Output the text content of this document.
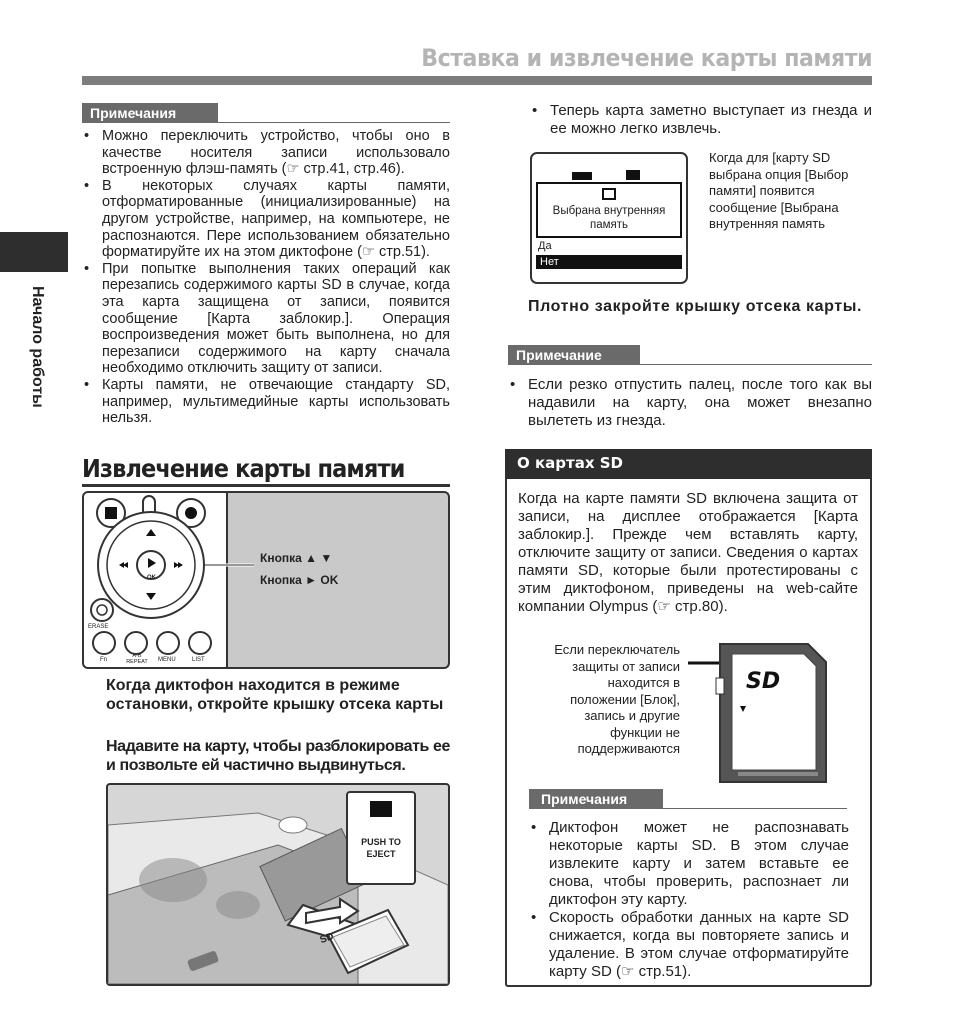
Вставка и извлечение карты памяти
Начало работы
Примечания
• Можно переключить устройство, чтобы оно в качестве носителя записи использовало встроенную флэш-память (☞ стр.41, стр.46).
• В некоторых случаях карты памяти, отформатированные (инициализированные) на другом устройстве, например, на компьютере, не распознаются. Пере использованием обязательно форматируйте их на этом диктофоне (☞ стр.51).
• При попытке выполнения таких операций как перезапись содержимого карты SD в случае, когда эта карта защищена от записи, появится сообщение [Карта заблокир.]. Операция воспроизведения может быть выполнена, но для перезаписи содержимого на карту сначала необходимо отключить защиту от записи.
• Карты памяти, не отвечающие стандарту SD, например, мультимедийные карты использовать нельзя.
Извлечение карты памяти
ERASE
OK
Fn
A-B REPEAT	MENU	LIST
Кнопка ▲ ▼
Кнопка ► OK
Когда диктофон находится в режиме остановки, откройте крышку отсека карты
Надавите на карту, чтобы разблокировать ее и позвольте ей частично выдвинуться.
PUSH TO
EJECT
SD
• Теперь карта заметно выступает из гнезда и ее можно легко извлечь.
Выбрана внутренняя память
Да
Нет
Когда для [карту SD выбрана опция [Выбор памяти] появится сообщение [Выбрана внутренняя память
Плотно закройте крышку отсека карты.
Примечание
• Если резко отпустить палец, после того как вы надавили на карту, она может внезапно вылететь из гнезда.
О картах SD
Когда на карте памяти SD включена защита от записи, на дисплее отображается [Карта заблокир.]. Прежде чем вставлять карту, отключите защиту от записи. Сведения о картах памяти SD, которые были протестированы с этим диктофоном, приведены на web-сайте компании Olympus (☞ стр.80).
Если переключатель защиты от записи находится в положении [Блок], запись и другие функции не поддерживаются
SD
Примечания
• Диктофон может не распознавать некоторые карты SD. В этом случае извлеките карту и затем вставьте ее снова, чтобы проверить, распознает ли диктофон эту карту.
• Скорость обработки данных на карте SD снижается, когда вы повторяете запись и удаление. В этом случае отформатируйте карту SD (☞ стр.51).
